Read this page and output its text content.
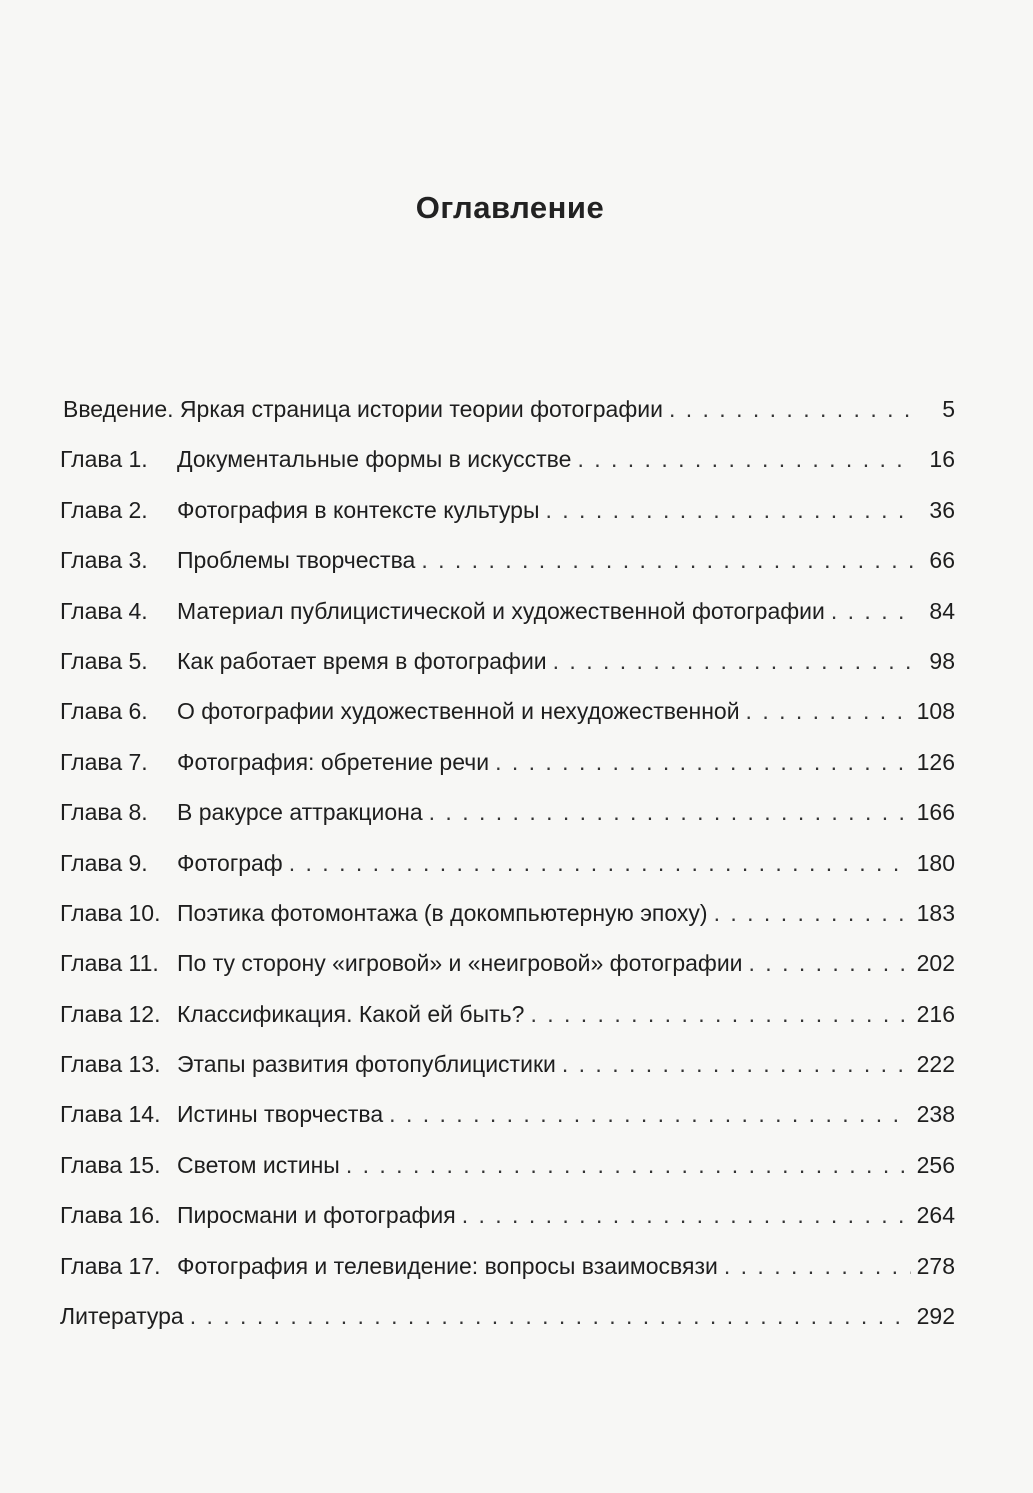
Оглавление
Введение. Яркая страница истории теории фотографии . . .	5
Глава 1.	Документальные формы в искусстве . . .	16
Глава 2.	Фотография в контексте культуры . . .	36
Глава 3.	Проблемы творчества . . .	66
Глава 4.	Материал публицистической и художественной фотографии . . .	84
Глава 5.	Как работает время в фотографии . . .	98
Глава 6.	О фотографии художественной и нехудожественной . . .	108
Глава 7.	Фотография: обретение речи . . .	126
Глава 8.	В ракурсе аттракциона . . .	166
Глава 9.	Фотограф . . .	180
Глава 10. Поэтика фотомонтажа (в докомпьютерную эпоху) . . .	183
Глава 11. По ту сторону «игровой» и «неигровой» фотографии . . .	202
Глава 12. Классификация. Какой ей быть? . . .	216
Глава 13. Этапы развития фотопублицистики . . .	222
Глава 14. Истины творчества . . .	238
Глава 15. Светом истины . . .	256
Глава 16. Пиросмани и фотография . . .	264
Глава 17. Фотография и телевидение: вопросы взаимосвязи . . .	278
Литература . . .	292
